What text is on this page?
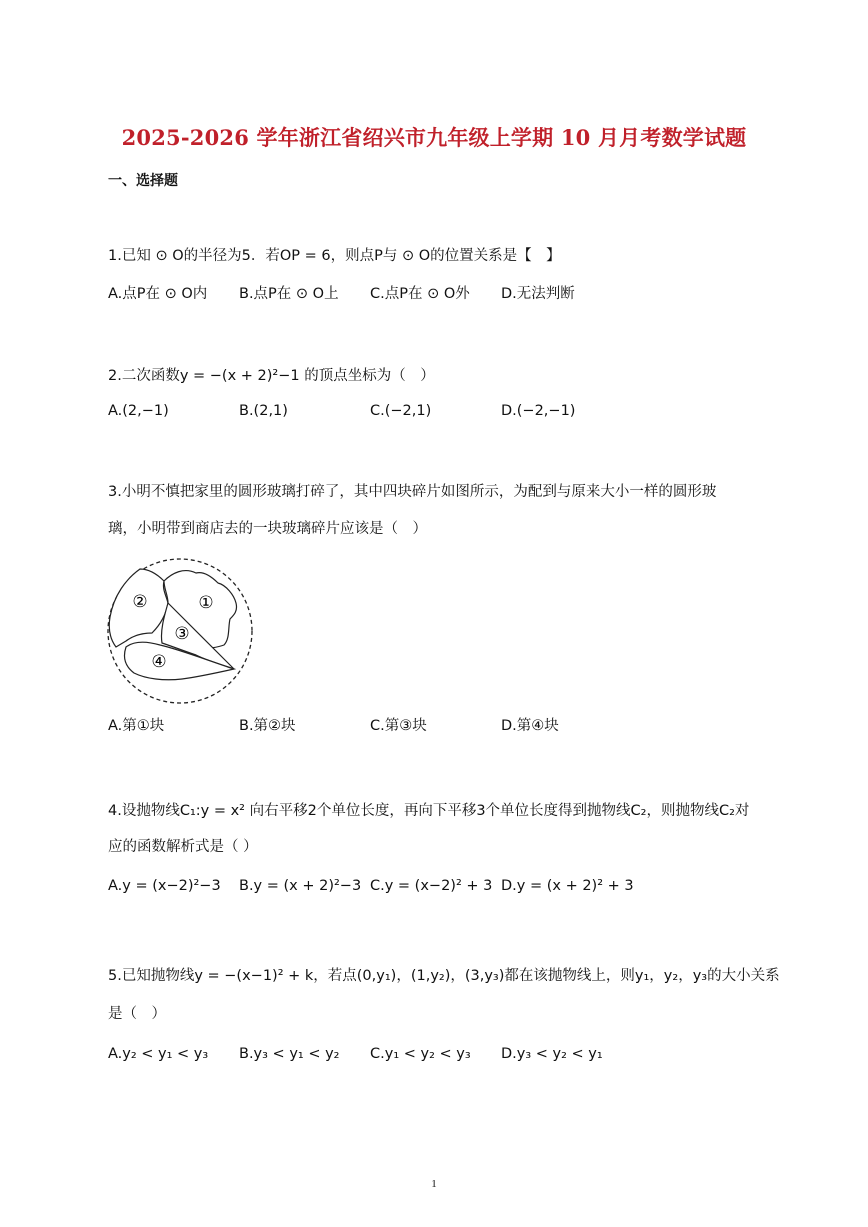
2025-2026 学年浙江省绍兴市九年级上学期 10 月月考数学试题
一、选择题
1.已知 ⊙ O的半径为5．若OP = 6，则点P与 ⊙ O的位置关系是【　】
A.点P在 ⊙ O内 B.点P在 ⊙ O上 C.点P在 ⊙ O外 D.无法判断
2.二次函数y = −(x + 2)²−1 的顶点坐标为（　）
A.(2,−1)	B.(2,1)	C.(−2,1)	D.(−2,−1)
3.小明不慎把家里的圆形玻璃打碎了，其中四块碎片如图所示，为配到与原来大小一样的圆形玻
璃，小明带到商店去的一块玻璃碎片应该是（　）
②	①
③
④
A.第①块	B.第②块	C.第③块	D.第④块
4.设抛物线C₁:y = x² 向右平移2个单位长度，再向下平移3个单位长度得到抛物线C₂，则抛物线C₂对
应的函数解析式是（ ）
A.y = (x−2)²−3 B.y = (x + 2)²−3 C.y = (x−2)² + 3 D.y = (x + 2)² + 3
5.已知抛物线y = −(x−1)² + k，若点(0,y₁)，(1,y₂)，(3,y₃)都在该抛物线上，则y₁，y₂，y₃的大小关系
是（　）
A.y₂ < y₁ < y₃ B.y₃ < y₁ < y₂ C.y₁ < y₂ < y₃ D.y₃ < y₂ < y₁
1
